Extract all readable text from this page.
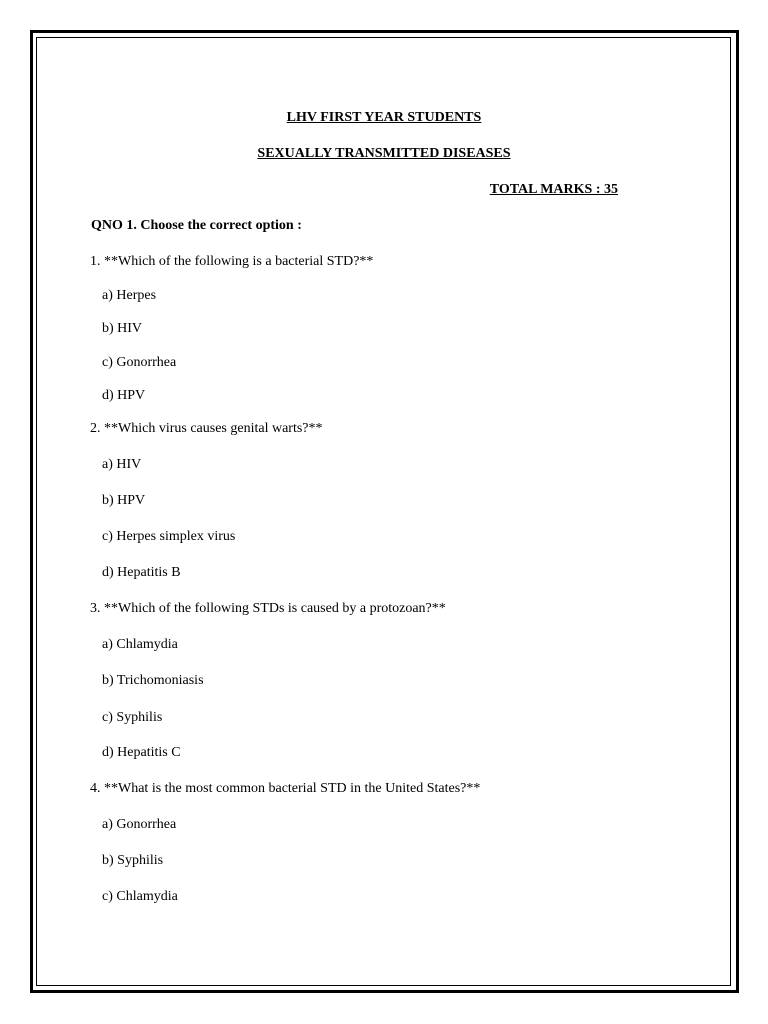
LHV FIRST YEAR STUDENTS
SEXUALLY TRANSMITTED DISEASES
TOTAL MARKS : 35
QNO 1. Choose the correct option :
1. **Which of the following is a bacterial STD?**
a) Herpes
b) HIV
c) Gonorrhea
d) HPV
2. **Which virus causes genital warts?**
a) HIV
b) HPV
c) Herpes simplex virus
d) Hepatitis B
3. **Which of the following STDs is caused by a protozoan?**
a) Chlamydia
b) Trichomoniasis
c) Syphilis
d) Hepatitis C
4. **What is the most common bacterial STD in the United States?**
a) Gonorrhea
b) Syphilis
c) Chlamydia
